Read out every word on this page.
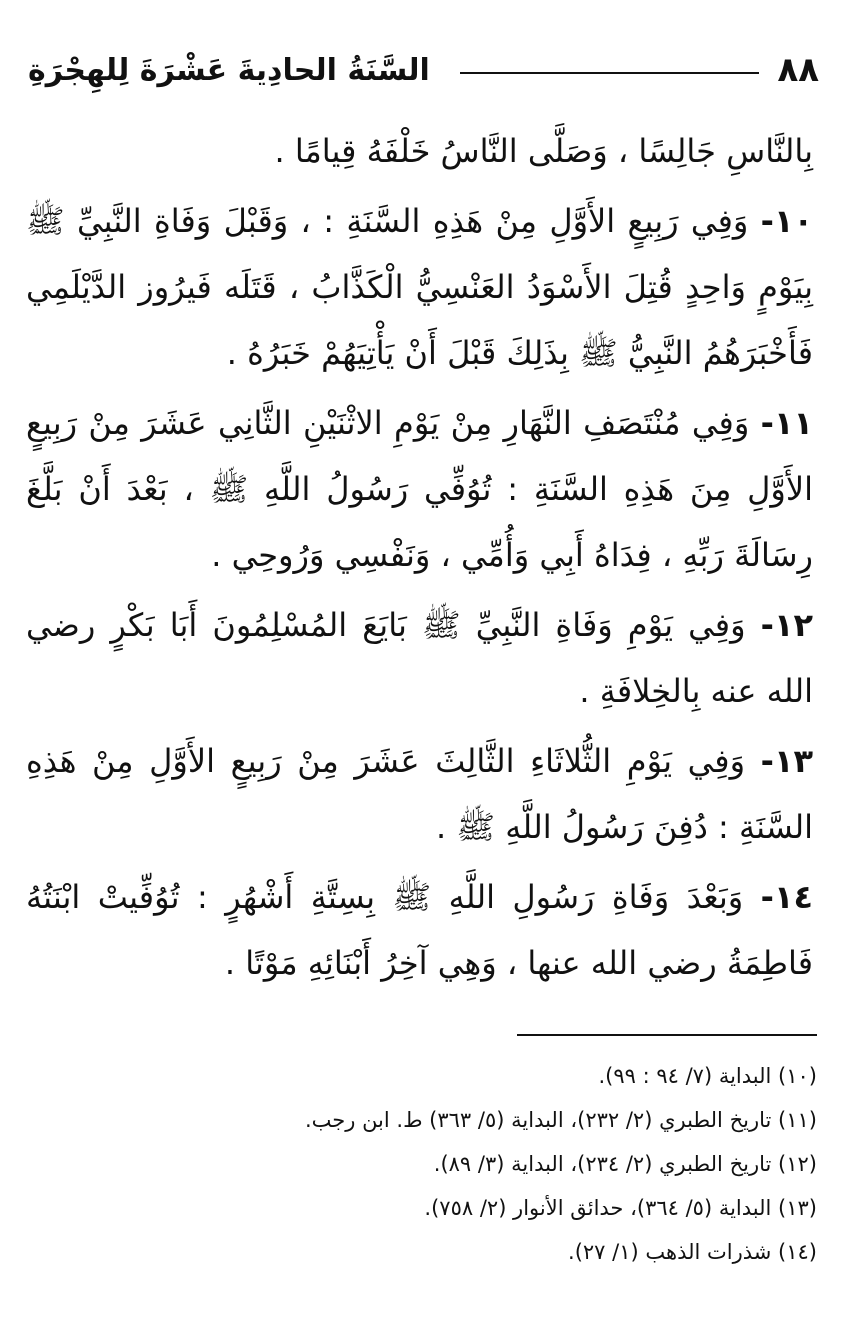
٨٨
السَّنَةُ الحادِيةَ عَشْرَةَ لِلهِجْرَةِ

بِالنَّاسِ جَالِسًا ، وَصَلَّى النَّاسُ خَلْفَهُ قِيامًا .

١٠- وَفِي رَبِيعٍ الأَوَّلِ مِنْ هَذِهِ السَّنَةِ : ، وَقَبْلَ وَفَاةِ النَّبِيِّ ﷺ بِيَوْمٍ وَاحِدٍ قُتِلَ الأَسْوَدُ العَنْسِيُّ الْكَذَّابُ ، قَتَلَه فَيرُوز الدَّيْلَمِي فَأَخْبَرَهُمُ النَّبِيُّ ﷺ بِذَلِكَ قَبْلَ أَنْ يَأْتِيَهُمْ خَبَرُهُ .

١١- وَفِي مُنْتَصَفِ النَّهَارِ مِنْ يَوْمِ الاثْنَيْنِ الثَّانِي عَشَرَ مِنْ رَبِيعٍ الأَوَّلِ مِنَ هَذِهِ السَّنَةِ : تُوُفِّي رَسُولُ اللَّهِ ﷺ ، بَعْدَ أَنْ بَلَّغَ رِسَالَةَ رَبِّهِ ، فِدَاهُ أَبِي وَأُمِّي ، وَنَفْسِي وَرُوحِي .

١٢- وَفِي يَوْمِ وَفَاةِ النَّبِيِّ ﷺ بَايَعَ المُسْلِمُونَ أَبَا بَكْرٍ رضي الله عنه بِالخِلافَةِ .

١٣- وَفِي يَوْمِ الثُّلاثَاءِ الثَّالِثَ عَشَرَ مِنْ رَبِيعٍ الأَوَّلِ مِنْ هَذِهِ السَّنَةِ : دُفِنَ رَسُولُ اللَّهِ ﷺ .

١٤- وَبَعْدَ وَفَاةِ رَسُولِ اللَّهِ ﷺ بِسِتَّةِ أَشْهُرٍ : تُوُفِّيتْ ابْنَتُهُ فَاطِمَةُ رضي الله عنها ، وَهِي آخِرُ أَبْنَائِهِ مَوْتًا .

(١٠) البداية (٧/ ٩٤ : ٩٩).
(١١) تاريخ الطبري (٢/ ٢٣٢)، البداية (٥/ ٣٦٣) ط. ابن رجب.
(١٢) تاريخ الطبري (٢/ ٢٣٤)، البداية (٣/ ٨٩).
(١٣) البداية (٥/ ٣٦٤)، حدائق الأنوار (٢/ ٧٥٨).
(١٤) شذرات الذهب (١/ ٢٧).
